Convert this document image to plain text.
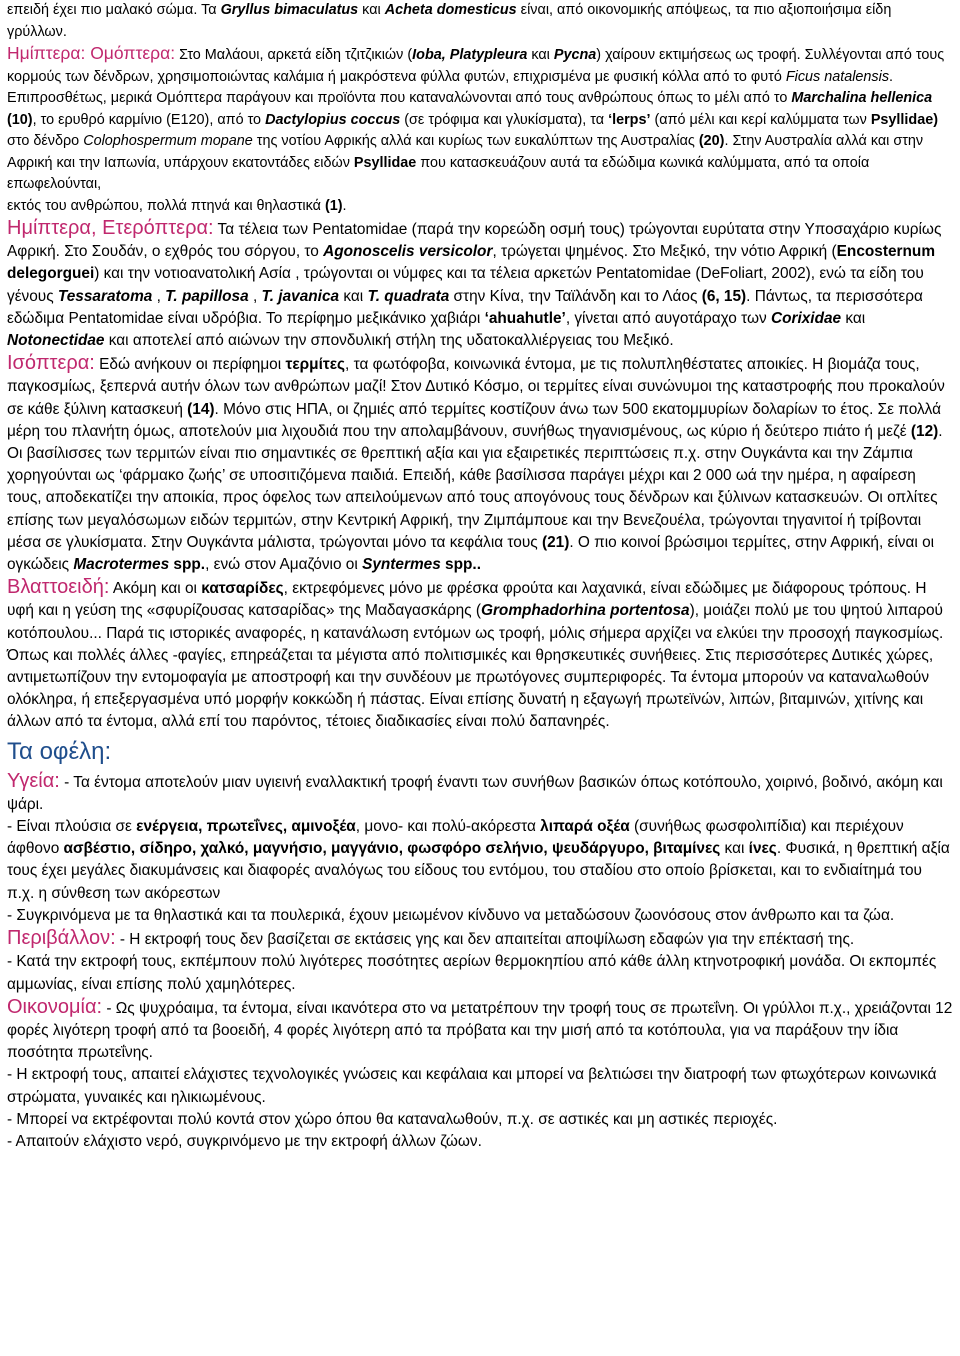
επειδή έχει πιο μαλακό σώμα. Τα Gryllus bimaculatus και Acheta domesticus είναι, από οικονομικής απόψεως, τα πιο αξιοποιήσιμα είδη γρύλλων.

Ημίπτερα: Ομόπτερα: Στο Μαλάουι, αρκετά είδη τζιτζικιών (Ioba, Platypleura και Pycna) χαίρουν εκτιμήσεως ως τροφή. Συλλέγονται από τους κορμούς των δένδρων, χρησιμοποιώντας καλάμια ή μακρόστενα φύλλα φυτών, επιχρισμένα με φυσική κόλλα από το φυτό Ficus natalensis. Επιπροσθέτως, μερικά Ομόπτερα παράγουν και προϊόντα που καταναλώνονται από τους ανθρώπους όπως το μέλι από το Marchalina hellenica (10), το ερυθρό καρμίνιο (Ε120), από το Dactylopius coccus (σε τρόφιμα και γλυκίσματα), τα ‘lerps’ (από μέλι και κερί καλύμματα των Psyllidae) στο δένδρο Colophospermum mopane της νοτίου Αφρικής αλλά και κυρίως των ευκαλύπτων της Αυστραλίας (20). Στην Αυστραλία αλλά και στην Αφρική και την Ιαπωνία, υπάρχουν εκατοντάδες ειδών Psyllidae που κατασκευάζουν αυτά τα εδώδιμα κωνικά καλύμματα, από τα οποία επωφελούνται,
εκτός του ανθρώπου, πολλά πτηνά και θηλαστικά (1).

Ημίπτερα, Ετερόπτερα: Τα τέλεια των Pentatomidae (παρά την κορεώδη οσμή τους) τρώγονται ευρύτατα στην Υποσαχάριο κυρίως Αφρική. Στο Σουδάν, ο εχθρός του σόργου, το Agonoscelis versicolor, τρώγεται ψημένος. Στο Μεξικό, την νότιο Αφρική (Encosternum delegorguei) και την νοτιοανατολική Ασία , τρώγονται οι νύμφες και τα τέλεια αρκετών Pentatomidae (DeFoliart, 2002), ενώ τα είδη του γένους Tessaratoma , T. papillosa , T. javanica και T. quadrata στην Κίνα, την Ταϊλάνδη και το Λάος (6, 15). Πάντως, τα περισσότερα εδώδιμα Pentatomidae είναι υδρόβια. Το περίφημο μεξικάνικο χαβιάρι ‘ahuahutle’, γίνεται από αυγοτάραχο των Corixidae και Notonectidae και αποτελεί από αιώνων την σπονδυλική στήλη της υδατοκαλλιέργειας του Μεξικό.

Ισόπτερα: Εδώ ανήκουν οι περίφημοι τερμίτες, τα φωτόφοβα, κοινωνικά έντομα, με τις πολυπληθέστατες αποικίες. Η βιομάζα τους, παγκοσμίως, ξεπερνά αυτήν όλων των ανθρώπων μαζί! Στον Δυτικό Κόσμο, οι τερμίτες είναι συνώνυμοι της καταστροφής που προκαλούν σε κάθε ξύλινη κατασκευή (14). Μόνο στις ΗΠΑ, οι ζημιές από τερμίτες κοστίζουν άνω των 500 εκατομμυρίων δολαρίων το έτος. Σε πολλά μέρη του πλανήτη όμως, αποτελούν μια λιχουδιά που την απολαμβάνουν, συνήθως τηγανισμένους, ως κύριο ή δεύτερο πιάτο ή μεζέ (12). Οι βασίλισσες των τερμιτών είναι πιο σημαντικές σε θρεπτική αξία και για εξαιρετικές περιπτώσεις π.χ. στην Ουγκάντα και την Ζάμπια χορηγούνται ως ‘φάρμακο ζωής’ σε υποσιτιζόμενα παιδιά. Επειδή, κάθε βασίλισσα παράγει μέχρι και 2 000 ωά την ημέρα, η αφαίρεση τους, αποδεκατίζει την αποικία, προς όφελος των απειλούμενων από τους απογόνους τους δένδρων και ξύλινων κατασκευών. Οι οπλίτες επίσης των μεγαλόσωμων ειδών τερμιτών, στην Κεντρική Αφρική, την Ζιμπάμπουε και την Βενεζουέλα, τρώγονται τηγανιτοί ή τρίβονται μέσα σε γλυκίσματα. Στην Ουγκάντα μάλιστα, τρώγονται μόνο τα κεφάλια τους (21). Ο πιο κοινοί βρώσιμοι τερμίτες, στην Αφρική, είναι οι ογκώδεις Macrotermes spp., ενώ στον Αμαζόνιο οι Syntermes spp..

Βλαττοειδή: Ακόμη και οι κατσαρίδες, εκτρεφόμενες μόνο με φρέσκα φρούτα και λαχανικά, είναι εδώδιμες με διάφορους τρόπους. Η υφή και η γεύση της «σφυρίζουσας κατσαρίδας» της Μαδαγασκάρης (Gromphadorhina portentosa), μοιάζει πολύ με του ψητού λιπαρού κοτόπουλου... Παρά τις ιστορικές αναφορές, η κατανάλωση εντόμων ως τροφή, μόλις σήμερα αρχίζει να ελκύει την προσοχή παγκοσμίως. Όπως και πολλές άλλες -φαγίες, επηρεάζεται τα μέγιστα από πολιτισμικές και θρησκευτικές συνήθειες. Στις περισσότερες Δυτικές χώρες, αντιμετωπίζουν την εντομοφαγία με αποστροφή και την συνδέουν με πρωτόγονες συμπεριφορές. Τα έντομα μπορούν να καταναλωθούν ολόκληρα, ή επεξεργασμένα υπό μορφήν κοκκώδη ή πάστας. Είναι επίσης δυνατή η εξαγωγή πρωτεϊνών, λιπών, βιταμινών, χιτίνης και άλλων από τα έντομα, αλλά επί του παρόντος, τέτοιες διαδικασίες είναι πολύ δαπανηρές.

Τα οφέλη:

Υγεία: - Τα έντομα αποτελούν μιαν υγιεινή εναλλακτική τροφή έναντι των συνήθων βασικών όπως κοτόπουλο, χοιρινό, βοδινό, ακόμη και ψάρι.

- Είναι πλούσια σε ενέργεια, πρωτεΐνες, αμινοξέα, μονο- και πολύ-ακόρεστα λιπαρά οξέα (συνήθως φωσφολιπίδια) και περιέχουν άφθονο ασβέστιο, σίδηρο, χαλκό, μαγνήσιο, μαγγάνιο, φωσφόρο σελήνιο, ψευδάργυρο, βιταμίνες και ίνες. Φυσικά, η θρεπτική αξία τους έχει μεγάλες διακυμάνσεις και διαφορές αναλόγως του είδους του εντόμου, του σταδίου στο οποίο βρίσκεται, και το ενδιαίτημά του π.χ. η σύνθεση των ακόρεστων

- Συγκρινόμενα με τα θηλαστικά και τα πουλερικά, έχουν μειωμένον κίνδυνο να μεταδώσουν ζωονόσους στον άνθρωπο και τα ζώα.

Περιβάλλον: - Η εκτροφή τους δεν βασίζεται σε εκτάσεις γης και δεν απαιτείται αποψίλωση εδαφών για την επέκτασή της.

- Κατά την εκτροφή τους, εκπέμπουν πολύ λιγότερες ποσότητες αερίων θερμοκηπίου από κάθε άλλη κτηνοτροφική μονάδα. Οι εκπομπές αμμωνίας, είναι επίσης πολύ χαμηλότερες.

Οικονομία: - Ως ψυχρόαιμα, τα έντομα, είναι ικανότερα στο να μετατρέπουν την τροφή τους σε πρωτεΐνη. Οι γρύλλοι π.χ., χρειάζονται 12 φορές λιγότερη τροφή από τα βοοειδή, 4 φορές λιγότερη από τα πρόβατα και την μισή από τα κοτόπουλα, για να παράξουν την ίδια ποσότητα πρωτεΐνης.

- Η εκτροφή τους, απαιτεί ελάχιστες τεχνολογικές γνώσεις και κεφάλαια και μπορεί να βελτιώσει την διατροφή των φτωχότερων κοινωνικά στρώματα, γυναικές και ηλικιωμένους.

- Μπορεί να εκτρέφονται πολύ κοντά στον χώρο όπου θα καταναλωθούν, π.χ. σε αστικές και μη αστικές περιοχές.

- Απαιτούν ελάχιστο νερό, συγκρινόμενο με την εκτροφή άλλων ζώων.
